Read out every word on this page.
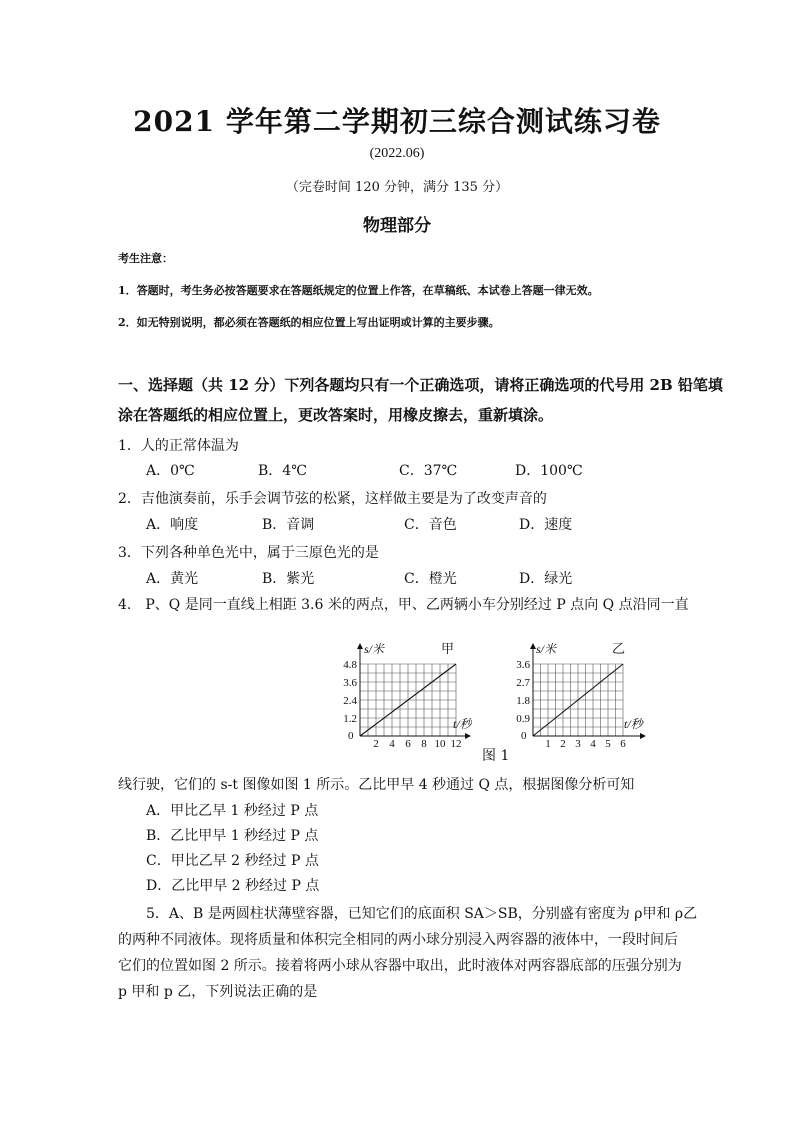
2021 学年第二学期初三综合测试练习卷
(2022.06)
（完卷时间 120 分钟，满分 135 分）
物理部分
考生注意：
1．答题时，考生务必按答题要求在答题纸规定的位置上作答，在草稿纸、本试卷上答题一律无效。
2．如无特别说明，都必须在答题纸的相应位置上写出证明或计算的主要步骤。
一、选择题（共 12 分）下列各题均只有一个正确选项，请将正确选项的代号用 2B 铅笔填
涂在答题纸的相应位置上，更改答案时，用橡皮擦去，重新填涂。
1．人的正常体温为
A．0℃	B．4℃	C．37℃	D．100℃
2．吉他演奏前，乐手会调节弦的松紧，这样做主要是为了改变声音的
A．响度	B．音调	C．音色	D．速度
3．下列各种单色光中，属于三原色光的是
A．黄光	B．紫光	C．橙光	D．绿光
4.　P、Q 是同一直线上相距 3.6 米的两点，甲、乙两辆小车分别经过 P 点向 Q 点沿同一直
2 4 6 8 10 12
1.2
2.4
3.6
4.8
s/米	甲
t/秒
0
1 2 3 4 5 6
0.9
1.8
2.7
3.6
s/米	乙
t/秒
0
图 1
线行驶，它们的 s-t 图像如图 1 所示。乙比甲早 4 秒通过 Q 点，根据图像分析可知
A．甲比乙早 1 秒经过 P 点
B．乙比甲早 1 秒经过 P 点
C．甲比乙早 2 秒经过 P 点
D．乙比甲早 2 秒经过 P 点
5．A、B 是两圆柱状薄壁容器，已知它们的底面积 SA＞SB，分别盛有密度为 ρ甲和 ρ乙
的两种不同液体。现将质量和体积完全相同的两小球分别浸入两容器的液体中，一段时间后
它们的位置如图 2 所示。接着将两小球从容器中取出，此时液体对两容器底部的压强分别为
p 甲和 p 乙，下列说法正确的是
